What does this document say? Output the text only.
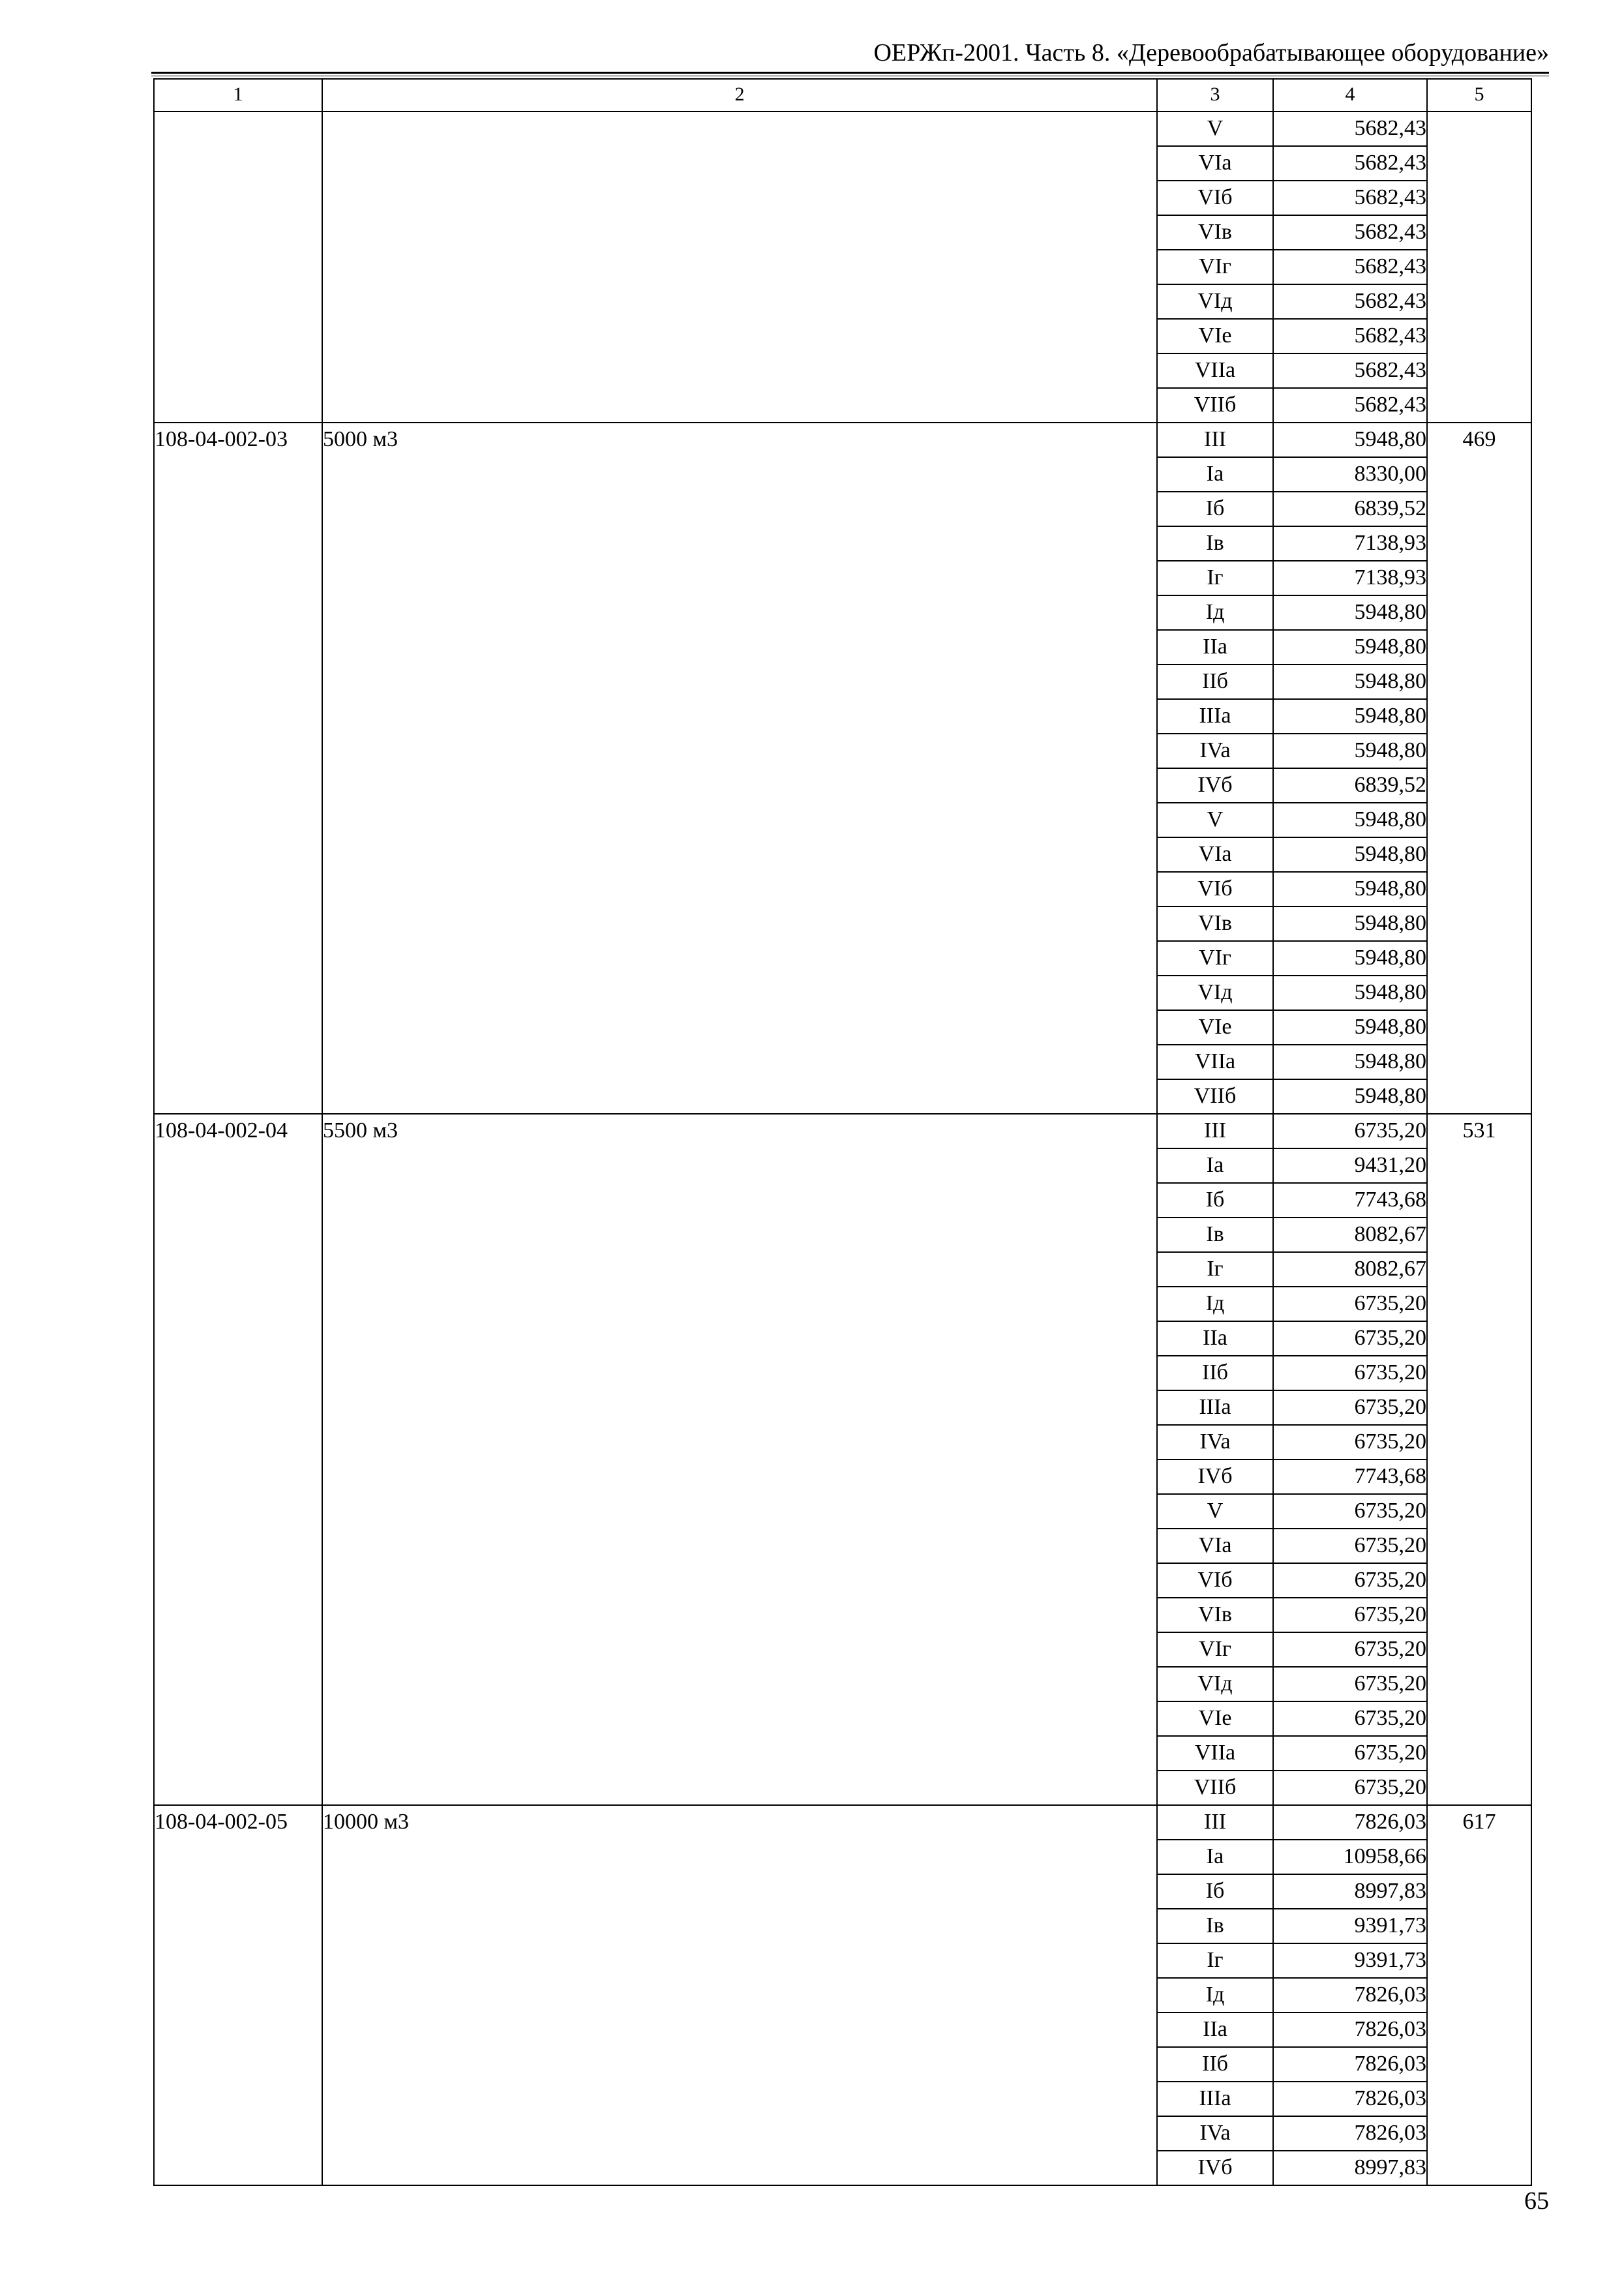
ОЕРЖп-2001. Часть 8. «Деревообрабатывающее оборудование»
1	2	3	4	5
		V	5682,43	
		VIa	5682,43	
		VIб	5682,43	
		VIв	5682,43	
		VIг	5682,43	
		VIд	5682,43	
		VIе	5682,43	
		VIIa	5682,43	
		VIIб	5682,43	
108-04-002-03	5000 м3	III	5948,80	469
		Ia	8330,00	
		Iб	6839,52	
		Iв	7138,93	
		Iг	7138,93	
		Iд	5948,80	
		IIa	5948,80	
		IIб	5948,80	
		IIIa	5948,80	
		IVa	5948,80	
		IVб	6839,52	
		V	5948,80	
		VIa	5948,80	
		VIб	5948,80	
		VIв	5948,80	
		VIг	5948,80	
		VIд	5948,80	
		VIе	5948,80	
		VIIa	5948,80	
		VIIб	5948,80	
108-04-002-04	5500 м3	III	6735,20	531
		Ia	9431,20	
		Iб	7743,68	
		Iв	8082,67	
		Iг	8082,67	
		Iд	6735,20	
		IIa	6735,20	
		IIб	6735,20	
		IIIa	6735,20	
		IVa	6735,20	
		IVб	7743,68	
		V	6735,20	
		VIa	6735,20	
		VIб	6735,20	
		VIв	6735,20	
		VIг	6735,20	
		VIд	6735,20	
		VIе	6735,20	
		VIIa	6735,20	
		VIIб	6735,20	
108-04-002-05	10000 м3	III	7826,03	617
		Ia	10958,66	
		Iб	8997,83	
		Iв	9391,73	
		Iг	9391,73	
		Iд	7826,03	
		IIa	7826,03	
		IIб	7826,03	
		IIIa	7826,03	
		IVa	7826,03	
		IVб	8997,83	
65
